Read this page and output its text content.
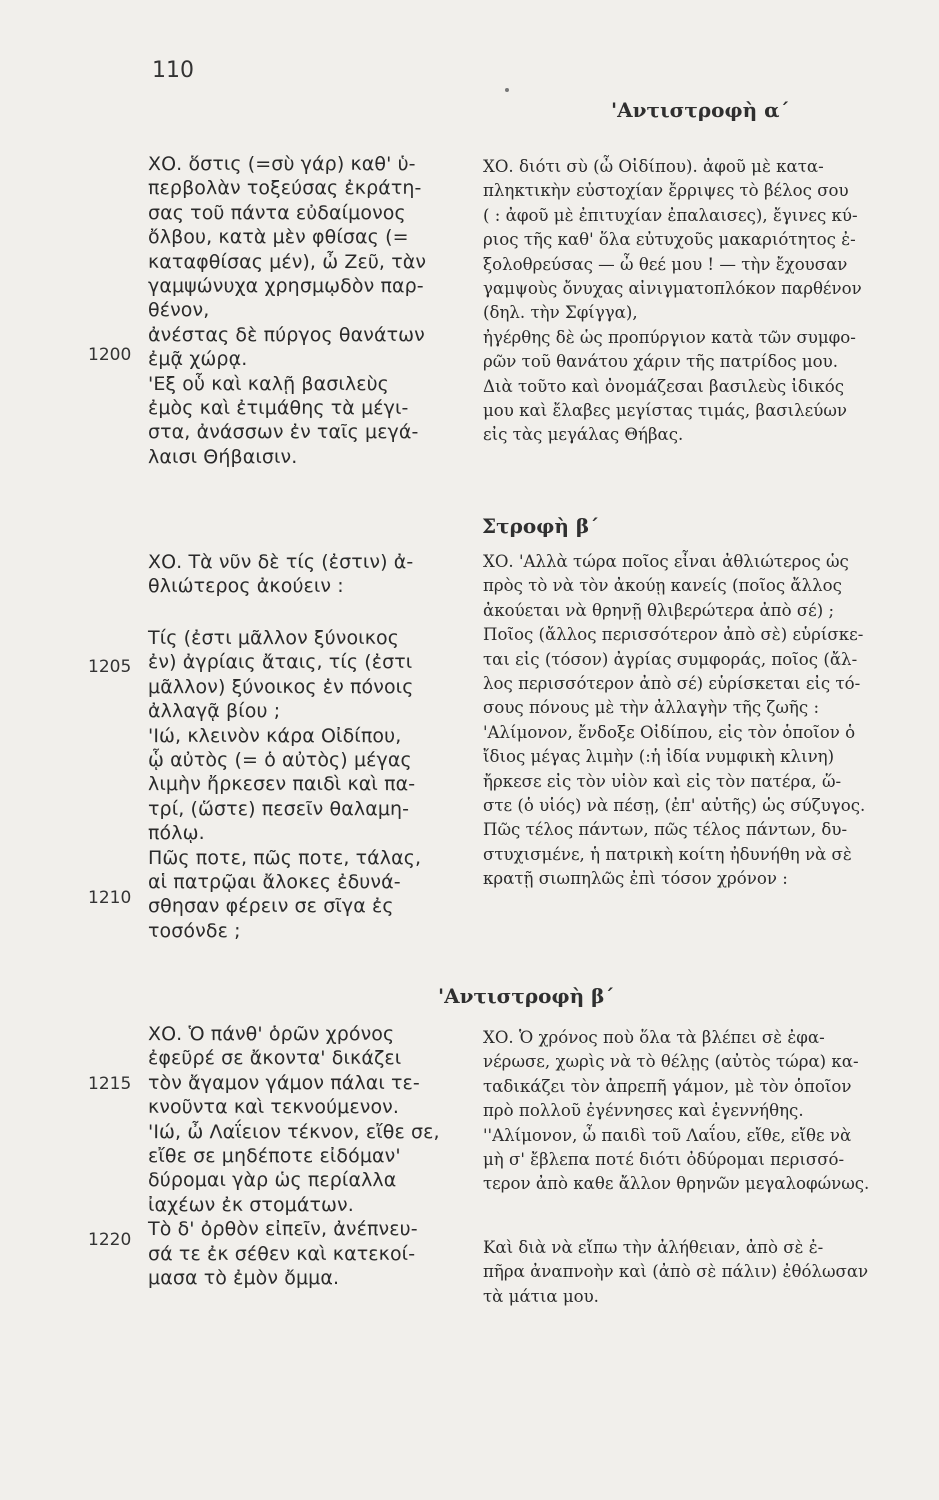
110
'Αντιστροφὴ α΄
Στροφὴ β΄
'Αντιστροφὴ β΄
1200
1205
1210
1215
1220
ΧΟ. ὅστις (=σὺ γάρ) καθ' ὑ-
περβολὰν τοξεύσας ἐκράτη-
σας τοῦ πάντα εὐδαίμονος
ὄλβου, κατὰ μὲν φθίσας (=
καταφθίσας μέν), ὦ Ζεῦ, τὰν
γαμψώνυχα χρησμῳδὸν παρ-
θένον,
ἀνέστας δὲ πύργος θανάτων
ἐμᾷ χώρᾳ.
'Εξ οὗ καὶ καλῇ βασιλεὺς
ἐμὸς καὶ ἐτιμάθης τὰ μέγι-
στα, ἀνάσσων ἐν ταῖς μεγά-
λαισι Θήβαισιν.
ΧΟ. Τὰ νῦν δὲ τίς (ἐστιν) ἀ-
θλιώτερος ἀκούειν :
Τίς (ἐστι μᾶλλον ξύνοικος
ἐν) ἀγρίαις ἄταις, τίς (ἐστι
μᾶλλον) ξύνοικος ἐν πόνοις
ἀλλαγᾷ βίου ;
'Ιώ, κλεινὸν κάρα Οἰδίπου,
ᾧ αὐτὸς (= ὁ αὐτὸς) μέγας
λιμὴν ἤρκεσεν παιδὶ καὶ πα-
τρί, (ὥστε) πεσεῖν θαλαμη-
πόλῳ.
Πῶς ποτε, πῶς ποτε, τάλας,
αἱ πατρῷαι ἄλοκες ἐδυνά-
σθησαν φέρειν σε σῖγα ἐς
τοσόνδε ;
ΧΟ. Ὁ πάνθ' ὁρῶν χρόνος
ἐφεῦρέ σε ἄκοντα' δικάζει
τὸν ἄγαμον γάμον πάλαι τε-
κνοῦντα καὶ τεκνούμενον.
'Ιώ, ὦ Λαΐειον τέκνον, εἴθε σε,
εἴθε σε μηδέποτε εἰδόμαν'
δύρομαι γὰρ ὡς περίαλλα
ἰαχέων ἐκ στομάτων.
Τὸ δ' ὀρθὸν εἰπεῖν, ἀνέπνευ-
σά τε ἐκ σέθεν καὶ κατεκοί-
μασα τὸ ἐμὸν ὄμμα.
ΧΟ. διότι σὺ (ὦ Οἰδίπου). ἀφοῦ μὲ κατα-
πληκτικὴν εὐστοχίαν ἔρριψες τὸ βέλος σου
( : ἀφοῦ μὲ ἐπιτυχίαν ἐπαλαισες), ἔγινες κύ-
ριος τῆς καθ' ὅλα εὐτυχοῦς μακαριότητος ἐ-
ξολοθρεύσας — ὦ θεέ μου ! — τὴν ἔχουσαν
γαμψοὺς ὄνυχας αἰνιγματοπλόκον παρθένον
(δηλ. τὴν Σφίγγα),
ἠγέρθης δὲ ὡς προπύργιον κατὰ τῶν συμφο-
ρῶν τοῦ θανάτου χάριν τῆς πατρίδος μου.
Διὰ τοῦτο καὶ ὀνομάζεσαι βασιλεὺς ἰδικός
μου καὶ ἔλαβες μεγίστας τιμάς, βασιλεύων
εἰς τὰς μεγάλας Θήβας.
ΧΟ. 'Αλλὰ τώρα ποῖος εἶναι ἀθλιώτερος ὡς
πρὸς τὸ νὰ τὸν ἀκούῃ κανείς (ποῖος ἄλλος
ἀκούεται νὰ θρηνῇ θλιβερώτερα ἀπὸ σέ) ;
Ποῖος (ἄλλος περισσότερον ἀπὸ σὲ) εὑρίσκε-
ται εἰς (τόσον) ἀγρίας συμφοράς, ποῖος (ἄλ-
λος περισσότερον ἀπὸ σέ) εὑρίσκεται εἰς τό-
σους πόνους μὲ τὴν ἀλλαγὴν τῆς ζωῆς :
'Αλίμονον, ἔνδοξε Οἰδίπου, εἰς τὸν ὁποῖον ὁ
ἴδιος μέγας λιμὴν (:ἡ ἰδία νυμφικὴ κλινη)
ἤρκεσε εἰς τὸν υἱὸν καὶ εἰς τὸν πατέρα, ὥ-
στε (ὁ υἱός) νὰ πέσῃ, (ἐπ' αὐτῆς) ὡς σύζυγος.
Πῶς τέλος πάντων, πῶς τέλος πάντων, δυ-
στυχισμένε, ἡ πατρικὴ κοίτη ἠδυνήθη νὰ σὲ
κρατῇ σιωπηλῶς ἐπὶ τόσον χρόνον :
ΧΟ. Ὁ χρόνος ποὺ ὅλα τὰ βλέπει σὲ ἐφα-
νέρωσε, χωρὶς νὰ τὸ θέλῃς (αὐτὸς τώρα) κα-
ταδικάζει τὸν ἀπρεπῆ γάμον, μὲ τὸν ὁποῖον
πρὸ πολλοῦ ἐγέννησες καὶ ἐγεννήθης.
''Αλίμονον, ὦ παιδὶ τοῦ Λαΐου, εἴθε, εἴθε νὰ
μὴ σ' ἔβλεπα ποτέ διότι ὀδύρομαι περισσό-
τερον ἀπὸ καθε ἄλλον θρηνῶν μεγαλοφώνως.
Καὶ διὰ νὰ εἴπω τὴν ἀλήθειαν, ἀπὸ σὲ ἐ-
πῆρα ἀναπνοὴν καὶ (ἀπὸ σὲ πάλιν) ἐθόλωσαν
τὰ μάτια μου.
